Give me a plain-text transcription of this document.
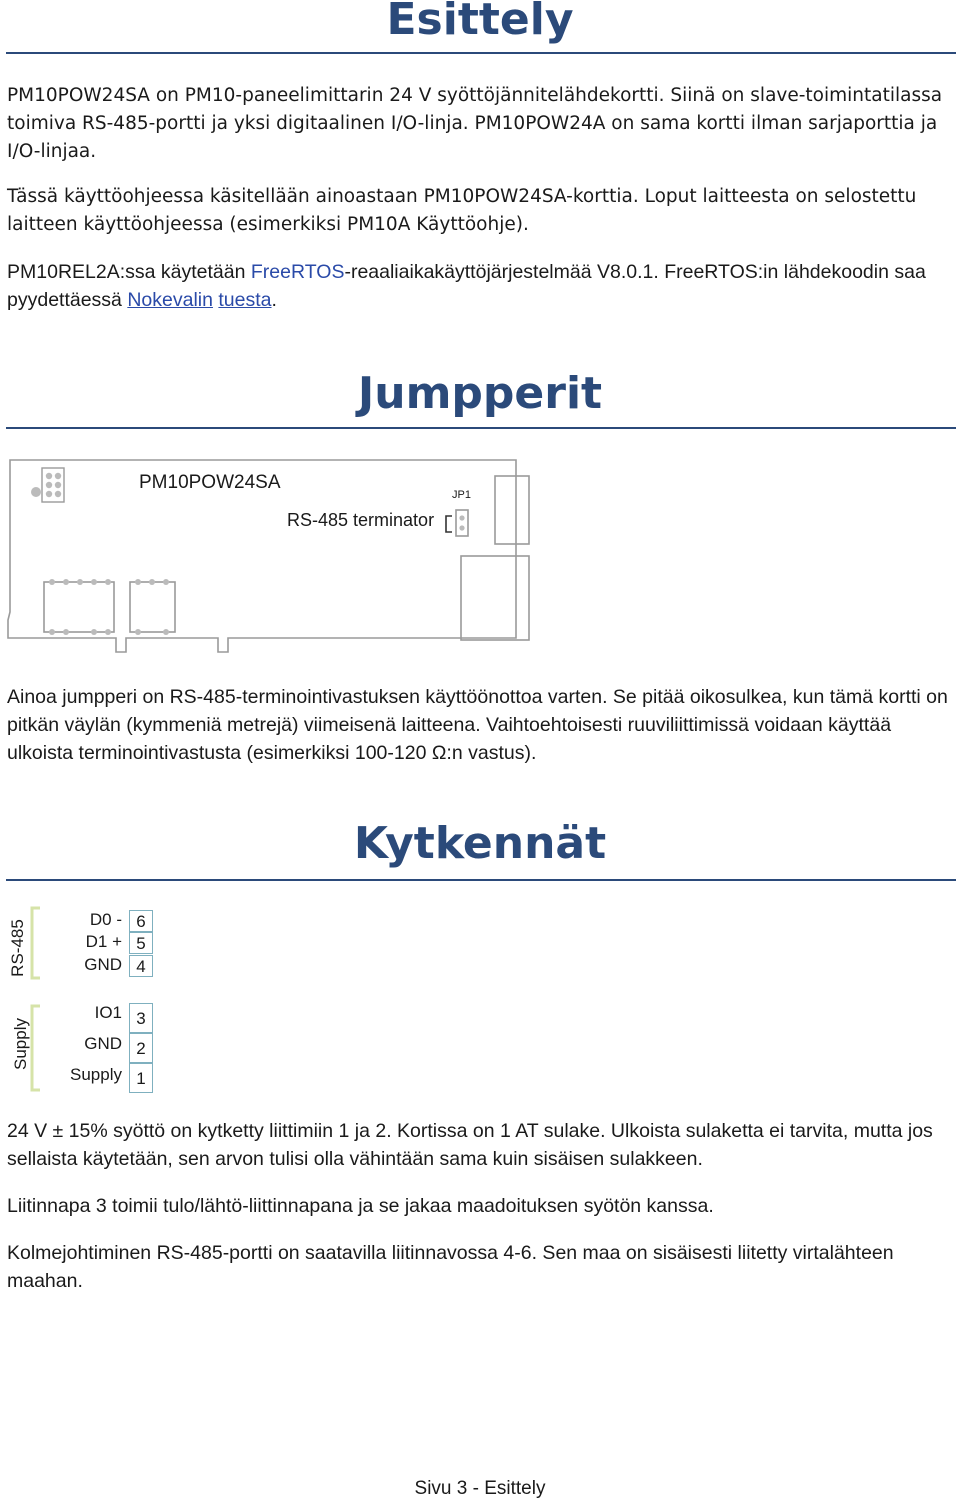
Esittely

PM10POW24SA on PM10-paneelimittarin 24 V syöttöjännitelähdekortti. Siinä on slave-toimintatilassa toimiva RS-485-portti ja yksi digitaalinen I/O-linja. PM10POW24A on sama kortti ilman sarjaporttia ja I/O-linjaa.

Tässä käyttöohjeessa käsitellään ainoastaan PM10POW24SA-korttia. Loput laitteesta on selostettu laitteen käyttöohjeessa (esimerkiksi PM10A Käyttöohje).

PM10REL2A:ssa käytetään FreeRTOS-reaaliaikakäyttöjärjestelmää V8.0.1. FreeRTOS:in lähdekoodin saa pyydettäessä Nokevalin tuesta.

Jumpperit
PM10POW24SA
JP1
RS-485 terminator

Ainoa jumpperi on RS-485-terminointivastuksen käyttöönottoa varten. Se pitää oikosulkea, kun tämä kortti on pitkän väylän (kymmeniä metrejä) viimeisenä laitteena. Vaihtoehtoisesti ruuviliittimissä voidaan käyttää ulkoista terminointivastusta (esimerkiksi 100-120 Ω:n vastus).

Kytkennät
RS-485
Supply
D0 - 6
D1 + 5
GND 4
IO1 3
GND 2
Supply 1

24 V ± 15% syöttö on kytketty liittimiin 1 ja 2. Kortissa on 1 AT sulake. Ulkoista sulaketta ei tarvita, mutta jos sellaista käytetään, sen arvon tulisi olla vähintään sama kuin sisäisen sulakkeen.

Liitinnapa 3 toimii tulo/lähtö-liittinnapana ja se jakaa maadoituksen syötön kanssa.

Kolmejohtiminen RS-485-portti on saatavilla liitinnavossa 4-6. Sen maa on sisäisesti liitetty virtalähteen maahan.

Sivu 3 - Esittely
